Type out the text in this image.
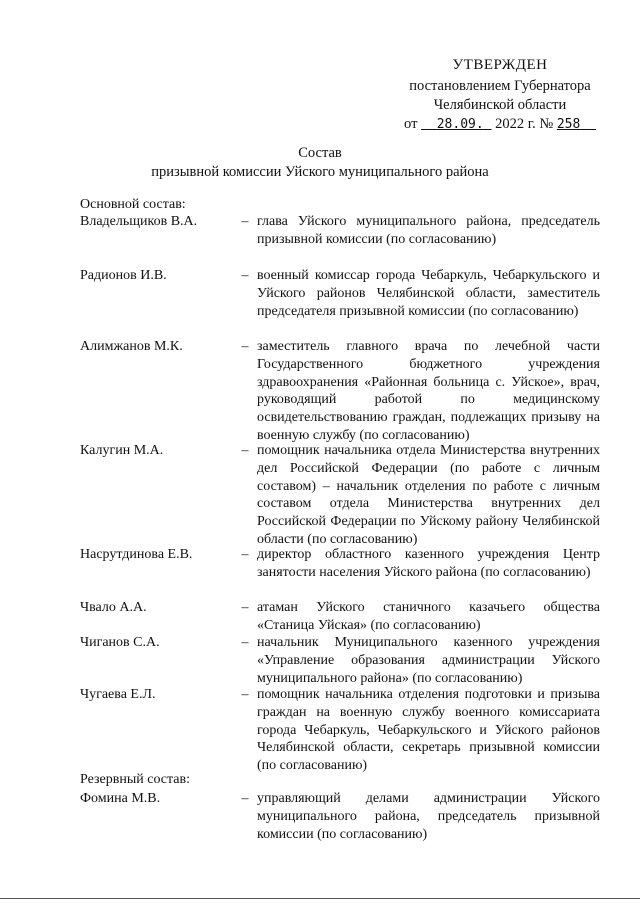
УТВЕРЖДЕН
постановлением Губернатора
Челябинской области
от 28.09. 2022 г. № 258
Состав
призывной комиссии Уйского муниципального района
Основной состав:
Владельщиков В.А.	– глава Уйского муниципального района, председатель призывной комиссии (по согласованию)
Радионов И.В.	– военный комиссар города Чебаркуль, Чебаркульского и Уйского районов Челябинской области, заместитель председателя призывной комиссии (по согласованию)
Алимжанов М.К.	– заместитель главного врача по лечебной части Государственного бюджетного учреждения здравоохранения «Районная больница с. Уйское», врач, руководящий работой по медицинскому освидетельствованию граждан, подлежащих призыву на военную службу (по согласованию)
Калугин М.А.	– помощник начальника отдела Министерства внутренних дел Российской Федерации (по работе с личным составом) – начальник отделения по работе с личным составом отдела Министерства внутренних дел Российской Федерации по Уйскому району Челябинской области (по согласованию)
Насрутдинова Е.В.	– директор областного казенного учреждения Центр занятости населения Уйского района (по согласованию)
Чвало А.А.	– атаман Уйского станичного казачьего общества «Станица Уйская» (по согласованию)
Чиганов С.А.	– начальник Муниципального казенного учреждения «Управление образования администрации Уйского муниципального района» (по согласованию)
Чугаева Е.Л.	– помощник начальника отделения подготовки и призыва граждан на военную службу военного комиссариата города Чебаркуль, Чебаркульского и Уйского районов Челябинской области, секретарь призывной комиссии (по согласованию)
Резервный состав:
Фомина М.В.	– управляющий делами администрации Уйского муниципального района, председатель призывной комиссии (по согласованию)
